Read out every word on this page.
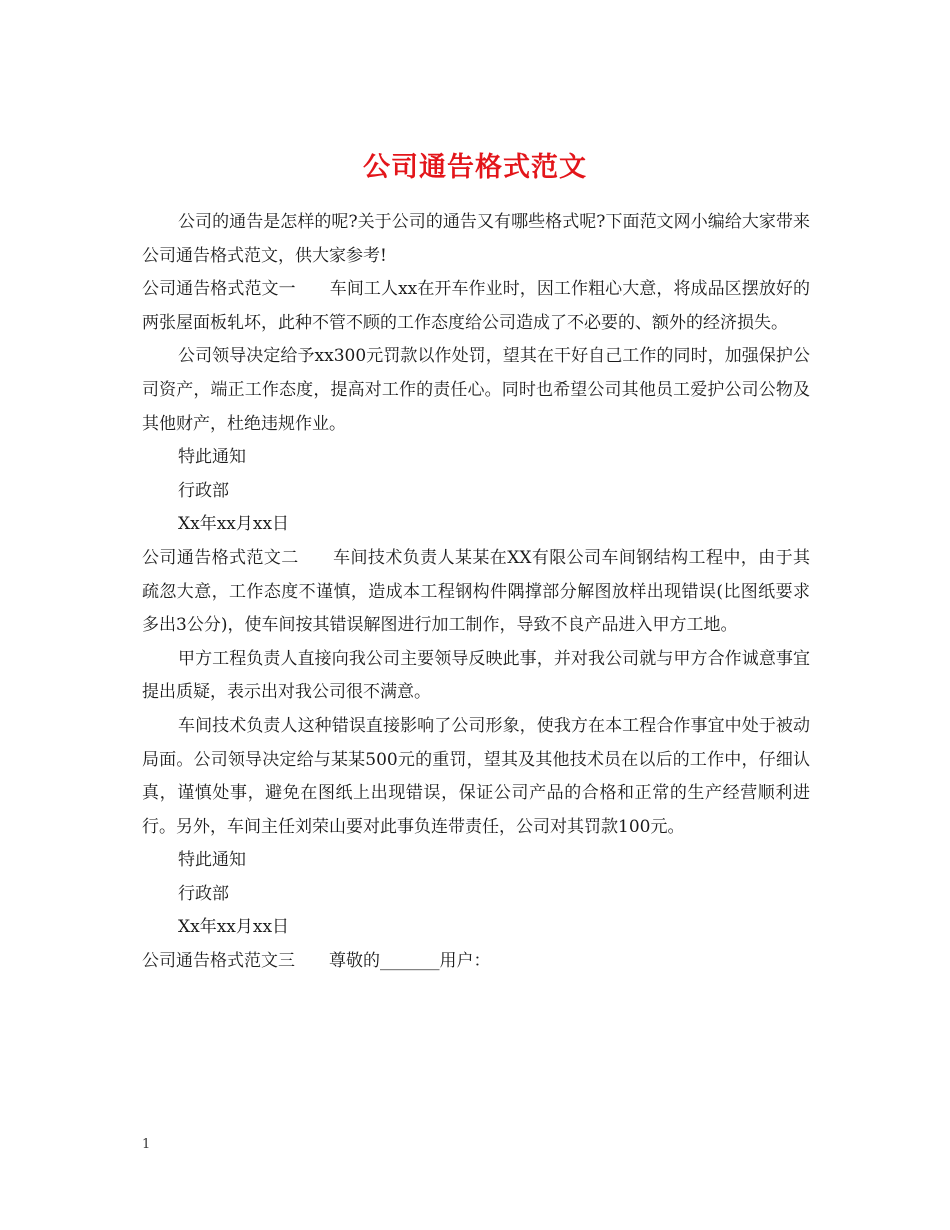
公司通告格式范文

公司的通告是怎样的呢?关于公司的通告又有哪些格式呢?下面范文网小编给大家带来公司通告格式范文，供大家参考!

公司通告格式范文一 车间工人xx在开车作业时，因工作粗心大意，将成品区摆放好的两张屋面板轧坏，此种不管不顾的工作态度给公司造成了不必要的、额外的经济损失。

公司领导决定给予xx300元罚款以作处罚，望其在干好自己工作的同时，加强保护公司资产，端正工作态度，提高对工作的责任心。同时也希望公司其他员工爱护公司公物及其他财产，杜绝违规作业。

特此通知

行政部

Xx年xx月xx日

公司通告格式范文二 车间技术负责人某某在XX有限公司车间钢结构工程中，由于其疏忽大意，工作态度不谨慎，造成本工程钢构件隅撑部分解图放样出现错误(比图纸要求多出3公分)，使车间按其错误解图进行加工制作，导致不良产品进入甲方工地。

甲方工程负责人直接向我公司主要领导反映此事，并对我公司就与甲方合作诚意事宜提出质疑，表示出对我公司很不满意。

车间技术负责人这种错误直接影响了公司形象，使我方在本工程合作事宜中处于被动局面。公司领导决定给与某某500元的重罚，望其及其他技术员在以后的工作中，仔细认真，谨慎处事，避免在图纸上出现错误，保证公司产品的合格和正常的生产经营顺利进行。另外，车间主任刘荣山要对此事负连带责任，公司对其罚款100元。

特此通知

行政部

Xx年xx月xx日

公司通告格式范文三 尊敬的_______用户：

1
